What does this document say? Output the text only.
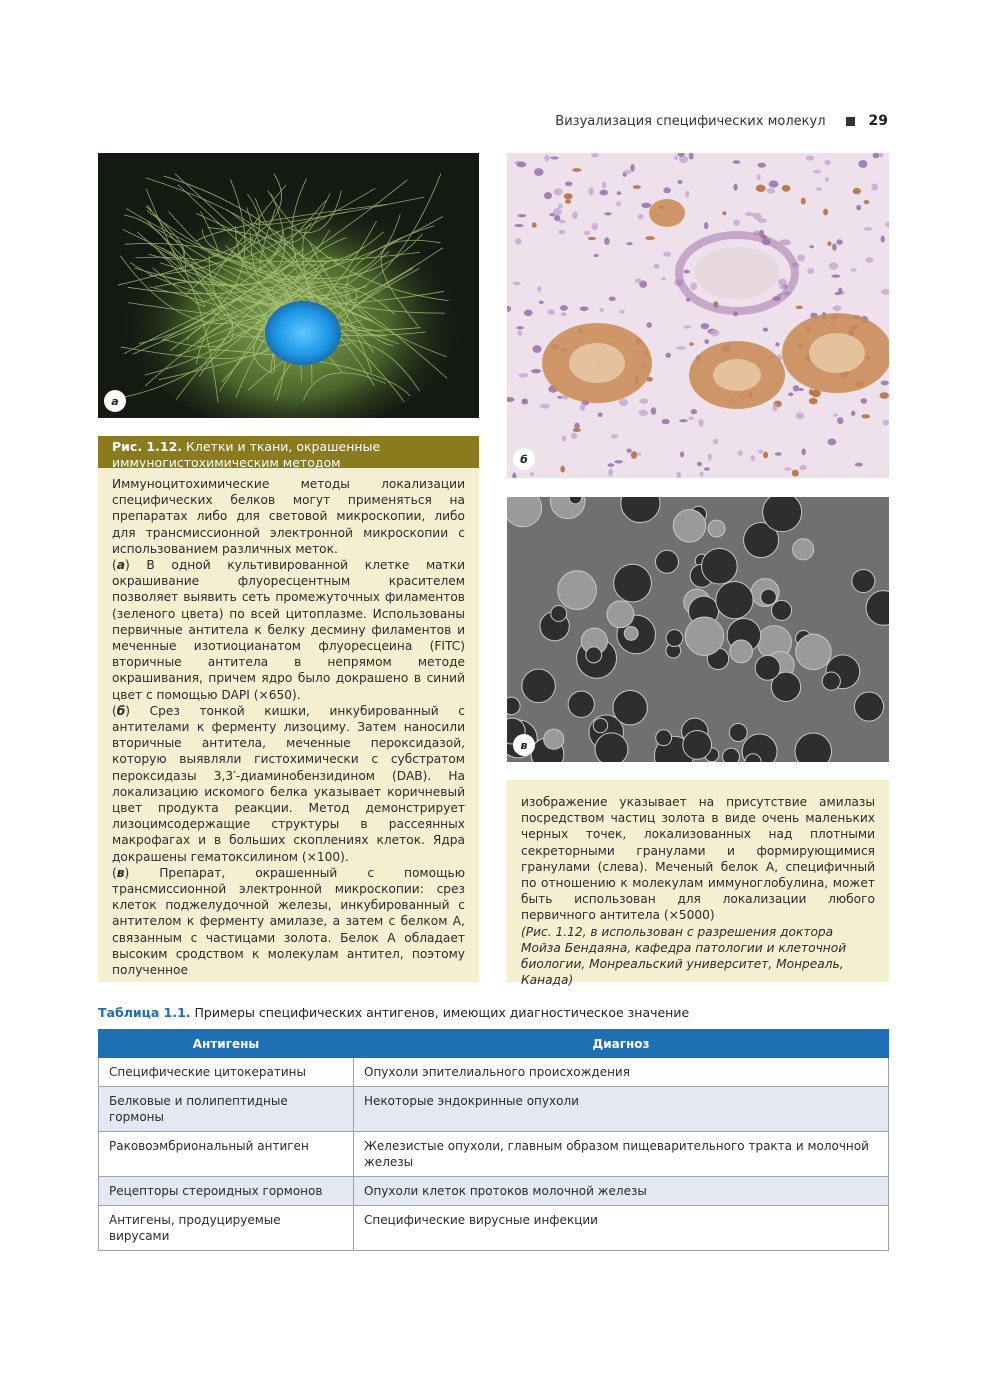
Визуализация специфических молекул	29
а
б
в
Рис. 1.12. Клетки и ткани, окрашенные иммуногистохимическим методом

Иммуноцитохимические методы локализации специфических белков могут применяться на препаратах либо для световой микроскопии, либо для трансмиссионной электронной микроскопии с использованием различных меток.

(а) В одной культивированной клетке матки окрашивание флуоресцентным красителем позволяет выявить сеть промежуточных филаментов (зеленого цвета) по всей цитоплазме. Использованы первичные антитела к белку десмину филаментов и меченные изотиоцианатом флуоресцеина (FITC) вторичные антитела в непрямом методе окрашивания, причем ядро было докрашено в синий цвет с помощью DAPI (×650).

(б) Срез тонкой кишки, инкубированный с антителами к ферменту лизоциму. Затем наносили вторичные антитела, меченные пероксидазой, которую выявляли гистохимически с субстратом пероксидазы 3,3′-диаминобензидином (DAB). На локализацию искомого белка указывает коричневый цвет продукта реакции. Метод демонстрирует лизоцимсодержащие структуры в рассеянных макрофагах и в больших скоплениях клеток. Ядра докрашены гематоксилином (×100).

(в) Препарат, окрашенный с помощью трансмиссионной электронной микроскопии: срез клеток поджелудочной железы, инкубированный с антителом к ферменту амилазе, а затем с белком А, связанным с частицами золота. Белок А обладает высоким сродством к молекулам антител, поэтому полученное

изображение указывает на присутствие амилазы посредством частиц золота в виде очень маленьких черных точек, локализованных над плотными секреторными гранулами и формирующимися гранулами (слева). Меченый белок А, специфичный по отношению к молекулам иммуноглобулина, может быть использован для локализации любого первичного антитела (×5000)

(Рис. 1.12, в использован с разрешения доктора Мойза Бендаяна, кафедра патологии и клеточной биологии, Монреальский университет, Монреаль, Канада)

Таблица 1.1. Примеры специфических антигенов, имеющих диагностическое значение
Антигены	Диагноз
Специфические цитокератины	Опухоли эпителиального происхождения
Белковые и полипептидные гормоны	Некоторые эндокринные опухоли
Раковоэмбриональный антиген	Железистые опухоли, главным образом пищеварительного тракта и молочной железы
Рецепторы стероидных гормонов	Опухоли клеток протоков молочной железы
Антигены, продуцируемые вирусами	Специфические вирусные инфекции
